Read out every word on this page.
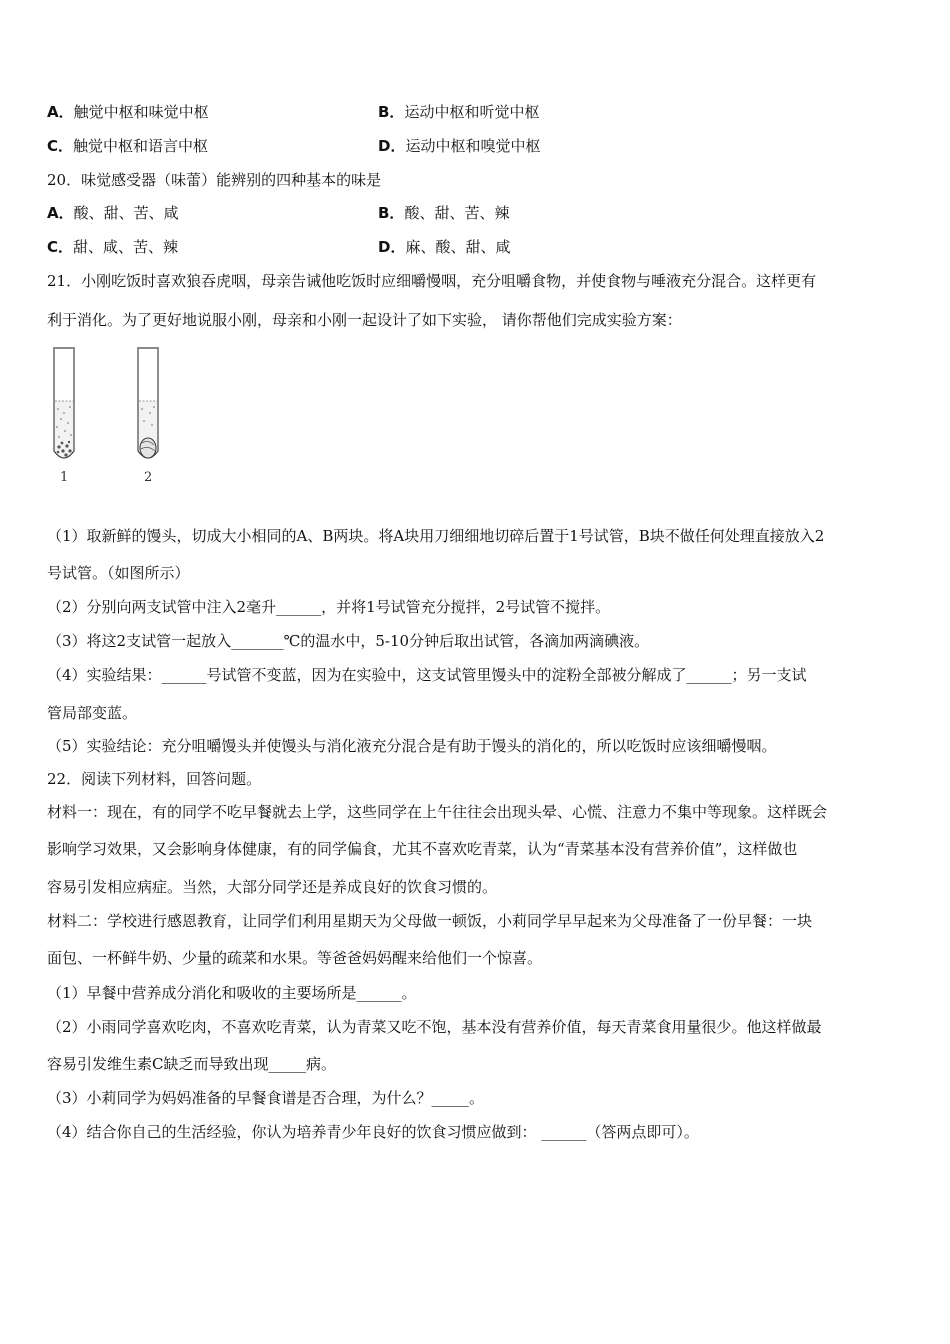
A．触觉中枢和味觉中枢	B．运动中枢和听觉中枢
C．触觉中枢和语言中枢	D．运动中枢和嗅觉中枢
20．味觉感受器（味蕾）能辨别的四种基本的味是
A．酸、甜、苦、咸	B．酸、甜、苦、辣
C．甜、咸、苦、辣	D．麻、酸、甜、咸
21．小刚吃饭时喜欢狼吞虎咽，母亲告诫他吃饭时应细嚼慢咽，充分咀嚼食物，并使食物与唾液充分混合。这样更有
利于消化。为了更好地说服小刚，母亲和小刚一起设计了如下实验， 请你帮他们完成实验方案：
1	2
（1）取新鲜的馒头，切成大小相同的A、B两块。将A块用刀细细地切碎后置于1号试管，B块不做任何处理直接放入2
号试管。（如图所示）
（2）分别向两支试管中注入2毫升______，并将1号试管充分搅拌，2号试管不搅拌。
（3）将这2支试管一起放入_______℃的温水中，5-10分钟后取出试管，各滴加两滴碘液。
（4）实验结果：______号试管不变蓝，因为在实验中，这支试管里馒头中的淀粉全部被分解成了______；另一支试
管局部变蓝。
（5）实验结论：充分咀嚼馒头并使馒头与消化液充分混合是有助于馒头的消化的，所以吃饭时应该细嚼慢咽。
22．阅读下列材料，回答问题。
材料一：现在，有的同学不吃早餐就去上学，这些同学在上午往往会出现头晕、心慌、注意力不集中等现象。这样既会
影响学习效果，又会影响身体健康，有的同学偏食，尤其不喜欢吃青菜，认为“青菜基本没有营养价值”，这样做也
容易引发相应病症。当然，大部分同学还是养成良好的饮食习惯的。
材料二：学校进行感恩教育，让同学们利用星期天为父母做一顿饭，小莉同学早早起来为父母准备了一份早餐：一块
面包、一杯鲜牛奶、少量的疏菜和水果。等爸爸妈妈醒来给他们一个惊喜。
（1）早餐中营养成分消化和吸收的主要场所是______。
（2）小雨同学喜欢吃肉，不喜欢吃青菜，认为青菜又吃不饱，基本没有营养价值，每天青菜食用量很少。他这样做最
容易引发维生素C缺乏而导致出现_____病。
（3）小莉同学为妈妈准备的早餐食谱是否合理，为什么？_____。
（4）结合你自己的生活经验，你认为培养青少年良好的饮食习惯应做到： ______（答两点即可）。
